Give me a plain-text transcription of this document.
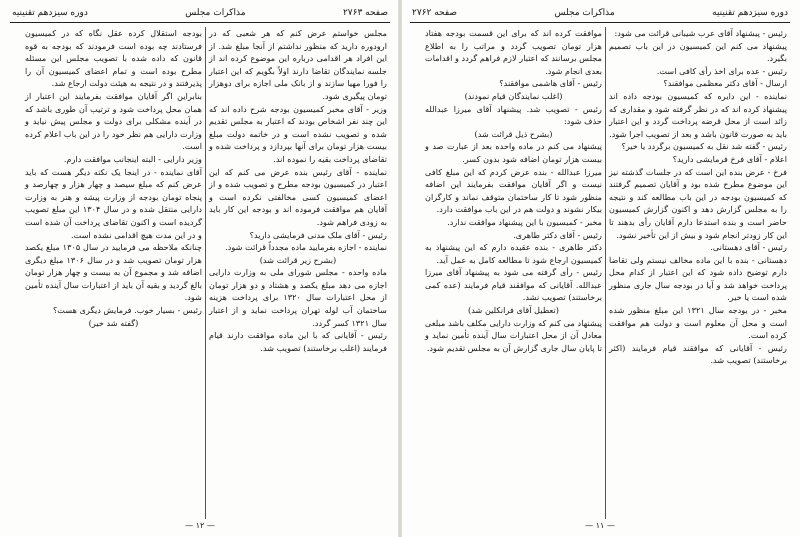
صفحه ۲۷۶۳
مذاکرات مجلس
دوره سیزدهم تقنینیه

مجلس خواستم عرض کنم که هر شعبی که در ارودوره دارید که منظور نداشتم از آنجا مبلغ شد. از این افراد هر اقدامی درباره این موضوع کرده اند از جلسه نمایندگان تقاضا دارند اولاً بگویم که این اعتبار را فورا مهیا سازند و از بانک ملی اجازه برای دوهزار تومان پیگیری شود.

وزیر - آقای مخبر کمیسیون بودجه شرح داده اند که این چند نفر اشخاص بودند که اعتبار به مجلس تقدیم شده و تصویب نشده است و در خاتمه دولت مبلغ بیست هزار تومان برای آنها بپردازد و پرداخت شده و تقاضای پرداخت بقیه را نموده اند.

نماینده - آقای رئیس بنده عرض می کنم که این اعتبار در کمیسیون بودجه مطرح و تصویب شده و از اعضای کمیسیون کسی مخالفتی نکرده است و آقایان هم موافقت فرموده اند و بودجه این کار باید به زودی فراهم شود.

رئیس - آقای ملک مدنی فرمایشی دارید؟

نماینده - اجازه بفرمایید ماده مجدداً قرائت شود.

(بشرح زیر قرائت شد)

ماده واحده - مجلس شورای ملی به وزارت دارایی اجازه می دهد مبلغ یکصد و هشتاد و دو هزار تومان از محل اعتبارات سال ۱۳۲۰ برای پرداخت هزینه ساختمان آب لوله تهران پرداخت نماید و از اعتبار سال ۱۳۲۱ کسر گردد.

رئیس - آقایانی که با این ماده موافقت دارند قیام فرمایند (اغلب برخاستند) تصویب شد.

بودجه استقلال کرده عقل نگاه که در کمیسیون فرستادند چه بوده است فرمودند که بودجه به قوه قانون که داده شده با تصویب مجلس این مسئله مطرح بوده است و تمام اعضای کمیسیون آن را پذیرفتند و در نتیجه به هیئت دولت ارجاع شد.

بنابراین اگر آقایان موافقت بفرمایند این اعتبار از همان محل پرداخت شود و ترتیب آن طوری باشد که در آینده مشکلی برای دولت و مجلس پیش نیاید و وزارت دارایی هم نظر خود را در این باب اعلام کرده است.

وزیر دارایی - البته اینجانب موافقت دارم.

آقای نماینده - در اینجا یک نکته دیگر هست که باید عرض کنم که مبلغ سیصد و چهار هزار و چهارصد و پنجاه تومان بودجه از وزارت پیشه و هنر به وزارت دارایی منتقل شده و در سال ۱۳۰۴ این مبلغ تصویب گردیده است و اکنون تقاضای پرداخت آن شده است و در این مدت هیچ اقدامی نشده است.

چنانکه ملاحظه می فرمایید در سال ۱۳۰۵ مبلغ یکصد هزار تومان تصویب شد و در سال ۱۳۰۶ مبلغ دیگری اضافه شد و مجموع آن به بیست و چهار هزار تومان بالغ گردید و بقیه آن باید از اعتبارات سال آینده تأمین شود.

رئیس - بسیار خوب. فرمایش دیگری هست؟

(گفته شد خیر)

— ۱۲ —
دوره سیزدهم تقنینیه
مذاکرات مجلس
صفحه ۲۷۶۲

رئیس - پیشنهاد آقای عرب شیبانی قرائت می شود:

پیشنهاد می کنم این کمیسیون در این باب تصمیم بگیرد.

رئیس - عده برای اخذ رأی کافی است.

ارسال - آقای دکتر معظمی موافقند؟

نماینده - این دایره که کمیسیون بودجه داده اند پیشنهاد کرده اند که در نظر گرفته شود و مقداری که زائد است از محل قرضه پرداخت گردد و این اعتبار باید به صورت قانون باشد و بعد از تصویب اجرا شود.

رئیس - گفته شد نقل به کمیسیون برگردد یا خیر؟

اعلام - آقای فرخ فرمایشی دارید؟

فرخ - عرض بنده این است که در جلسات گذشته نیز این موضوع مطرح شده بود و آقایان تصمیم گرفتند که کمیسیون بودجه در این باب مطالعه کند و نتیجه را به مجلس گزارش دهد و اکنون گزارش کمیسیون حاضر است و بنده استدعا دارم آقایان رأی بدهند تا این کار زودتر انجام شود و بیش از این تأخیر نشود.

رئیس - آقای دهستانی.

دهستانی - بنده با این ماده مخالف نیستم ولی تقاضا دارم توضیح داده شود که این اعتبار از کدام محل پرداخت خواهد شد و آیا در بودجه سال جاری منظور شده است یا خیر.

مخبر - در بودجه سال ۱۳۲۱ این مبلغ منظور شده است و محل آن معلوم است و دولت هم موافقت کرده است.

رئیس - آقایانی که موافقند قیام فرمایند (اکثر برخاستند) تصویب شد.

موافقت کرده اند که برای این قسمت بودجه هفتاد هزار تومان تصویب گردد و مراتب را به اطلاع مجلس برسانند که اعتبار لازم فراهم گردد و اقدامات بعدی انجام شود.

رئیس - آقای هاشمی موافقند؟

(اغلب نمایندگان قیام نمودند)

رئیس - تصویب شد. پیشنهاد آقای میرزا عبدالله حذف شود:

(بشرح ذیل قرائت شد)

پیشنهاد می کنم در ماده واحده بعد از عبارت صد و بیست هزار تومان اضافه شود بدون کسر.

میرزا عبدالله - بنده عرض کردم که این مبلغ کافی نیست و اگر آقایان موافقت بفرمایند این اضافه منظور شود تا کار ساختمان متوقف نماند و کارگران بیکار نشوند و دولت هم در این باب موافقت دارد.

مخبر - کمیسیون با این پیشنهاد موافقت ندارد.

رئیس - آقای دکتر طاهری.

دکتر طاهری - بنده عقیده دارم که این پیشنهاد به کمیسیون ارجاع شود تا مطالعه کامل به عمل آید.

رئیس - رأی گرفته می شود به پیشنهاد آقای میرزا عبدالله. آقایانی که موافقند قیام فرمایند (عده کمی برخاستند) تصویب نشد.

(تعطیل آقای فرانکلین شد)

پیشنهاد می کنم که وزارت دارایی مکلف باشد مبلغی معادل آن از محل اعتبارات سال آینده تأمین نماید و تا پایان سال جاری گزارش آن به مجلس تقدیم شود.

— ۱۱ —
